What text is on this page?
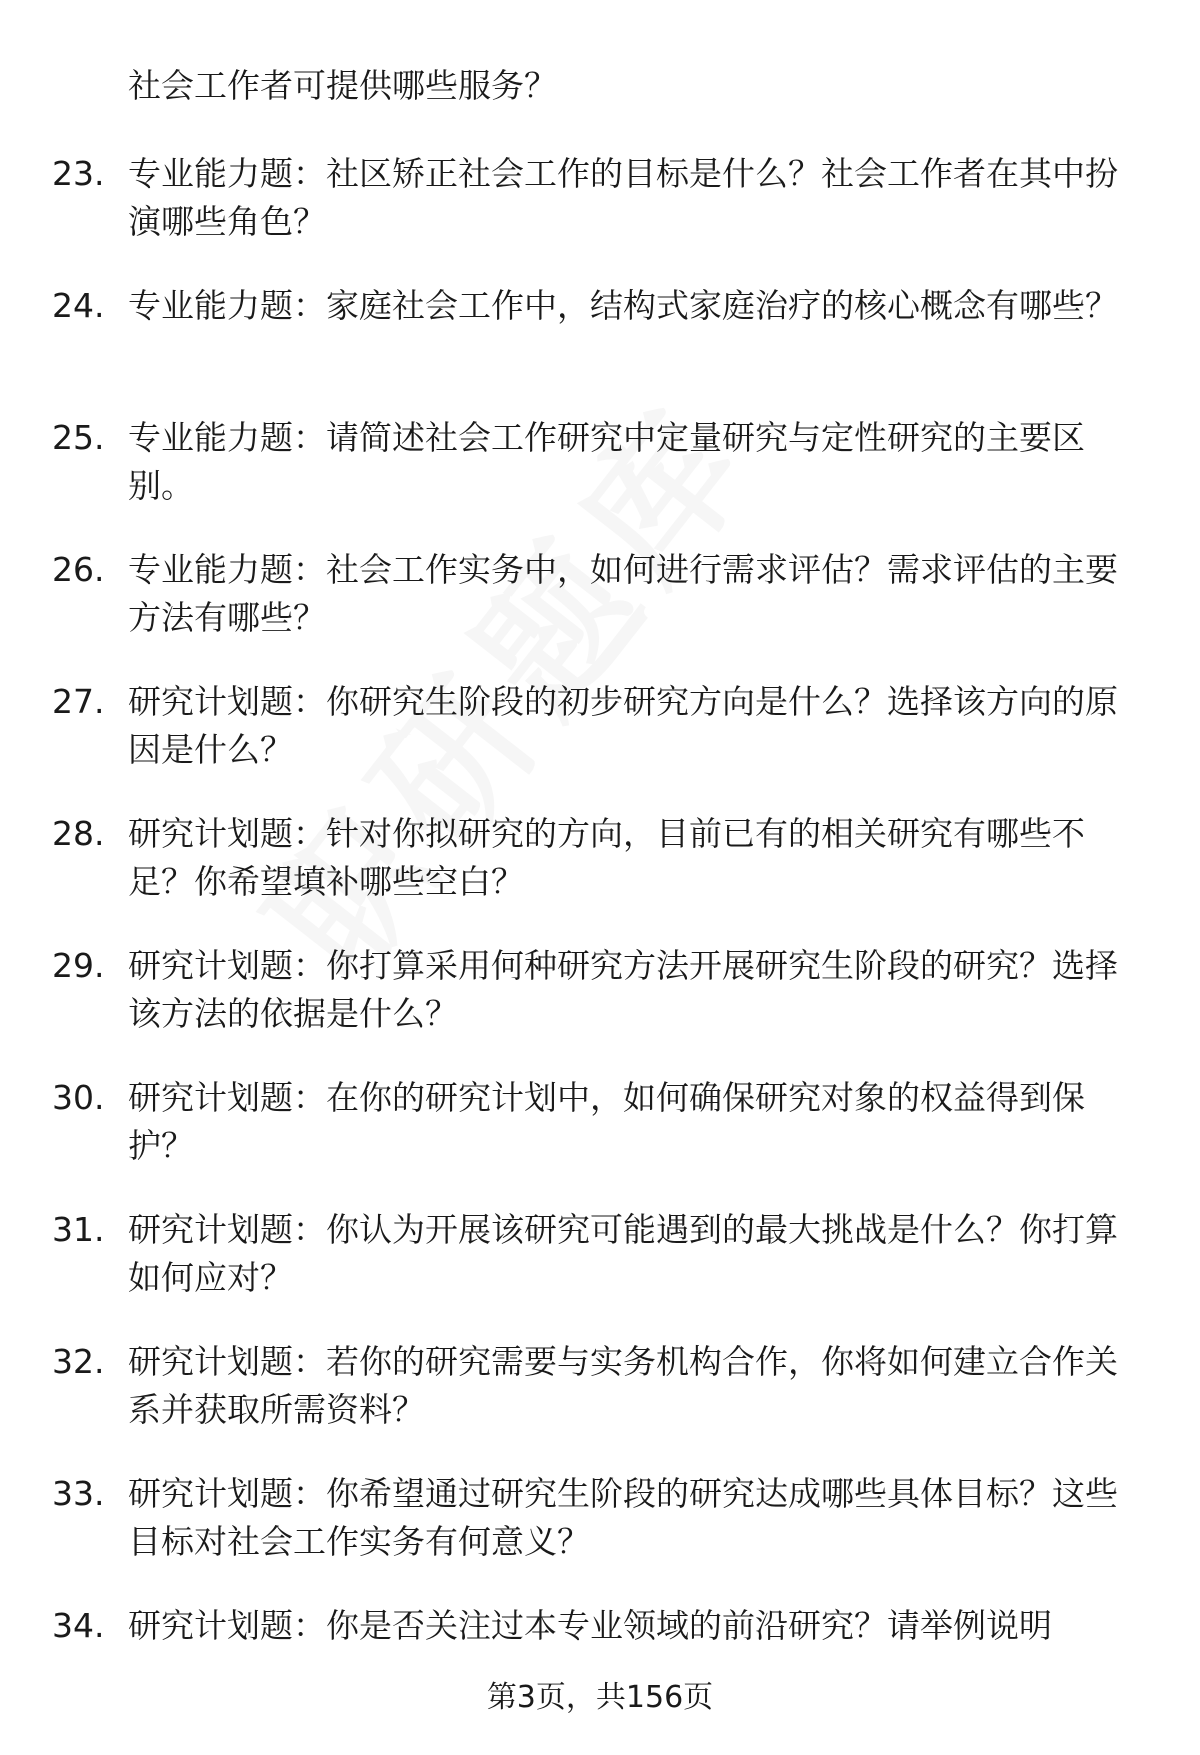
社会工作者可提供哪些服务？
23. 专业能力题：社区矫正社会工作的目标是什么？社会工作者在其中扮演哪些角色？
24. 专业能力题：家庭社会工作中，结构式家庭治疗的核心概念有哪些？
25. 专业能力题：请简述社会工作研究中定量研究与定性研究的主要区别。
26. 专业能力题：社会工作实务中，如何进行需求评估？需求评估的主要方法有哪些？
27. 研究计划题：你研究生阶段的初步研究方向是什么？选择该方向的原因是什么？
28. 研究计划题：针对你拟研究的方向，目前已有的相关研究有哪些不足？你希望填补哪些空白？
29. 研究计划题：你打算采用何种研究方法开展研究生阶段的研究？选择该方法的依据是什么？
30. 研究计划题：在你的研究计划中，如何确保研究对象的权益得到保护？
31. 研究计划题：你认为开展该研究可能遇到的最大挑战是什么？你打算如何应对？
32. 研究计划题：若你的研究需要与实务机构合作，你将如何建立合作关系并获取所需资料？
33. 研究计划题：你希望通过研究生阶段的研究达成哪些具体目标？这些目标对社会工作实务有何意义？
34. 研究计划题：你是否关注过本专业领域的前沿研究？请举例说明
第3页，共156页
